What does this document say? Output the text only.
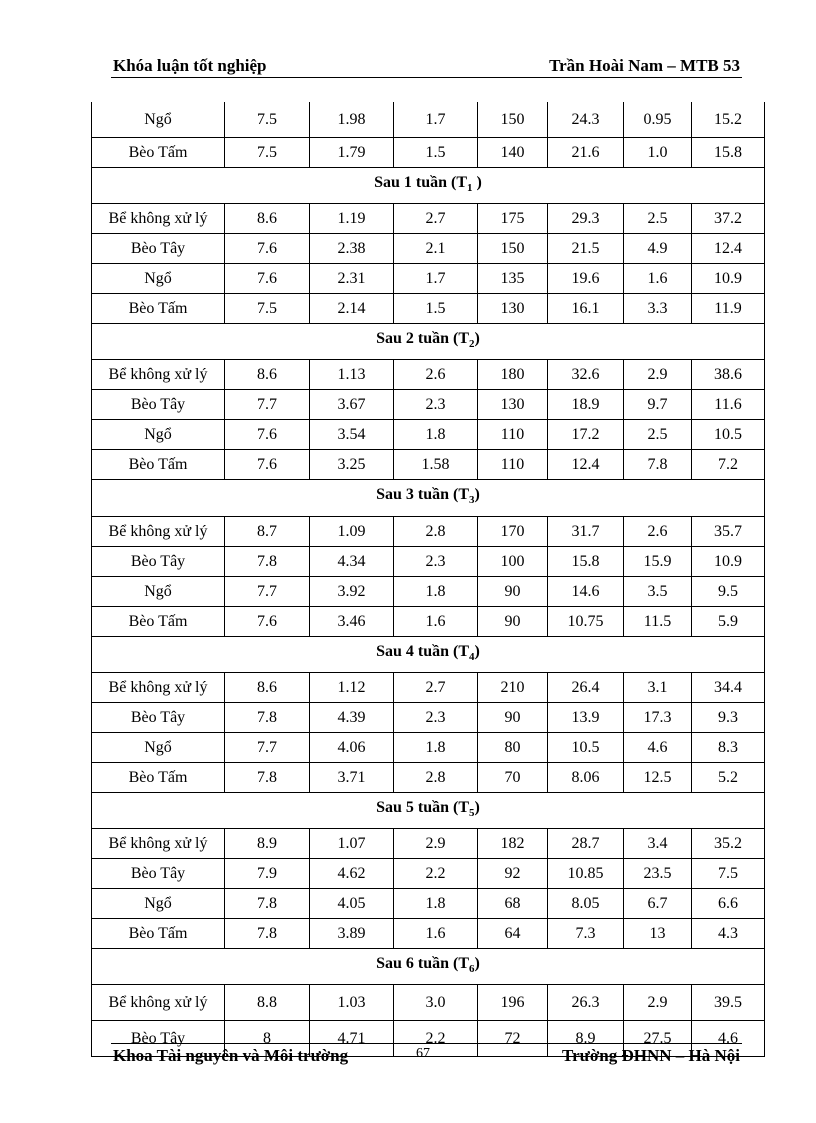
Khóa luận tốt nghiệp	Trần Hoài Nam – MTB 53
Ngổ	7.5	1.98	1.7	150	24.3	0.95	15.2
Bèo Tấm	7.5	1.79	1.5	140	21.6	1.0	15.8
Sau 1 tuần ($T_1$ )							
Bể không xử lý	8.6	1.19	2.7	175	29.3	2.5	37.2
Bèo Tây	7.6	2.38	2.1	150	21.5	4.9	12.4
Ngổ	7.6	2.31	1.7	135	19.6	1.6	10.9
Bèo Tấm	7.5	2.14	1.5	130	16.1	3.3	11.9
Sau 2 tuần $(T_2)$							
Bể không xử lý	8.6	1.13	2.6	180	32.6	2.9	38.6
Bèo Tây	7.7	3.67	2.3	130	18.9	9.7	11.6
Ngổ	7.6	3.54	1.8	110	17.2	2.5	10.5
Bèo Tấm	7.6	3.25	1.58	110	12.4	7.8	7.2
Sau 3 tuần $(T_3)$							
Bể không xử lý	8.7	1.09	2.8	170	31.7	2.6	35.7
Bèo Tây	7.8	4.34	2.3	100	15.8	15.9	10.9
Ngổ	7.7	3.92	1.8	90	14.6	3.5	9.5
Bèo Tấm	7.6	3.46	1.6	90	10.75	11.5	5.9
Sau 4 tuần $(T_4)$							
Bể không xử lý	8.6	1.12	2.7	210	26.4	3.1	34.4
Bèo Tây	7.8	4.39	2.3	90	13.9	17.3	9.3
Ngổ	7.7	4.06	1.8	80	10.5	4.6	8.3
Bèo Tấm	7.8	3.71	2.8	70	8.06	12.5	5.2
Sau 5 tuần $(T_5)$							
Bể không xử lý	8.9	1.07	2.9	182	28.7	3.4	35.2
Bèo Tây	7.9	4.62	2.2	92	10.85	23.5	7.5
Ngổ	7.8	4.05	1.8	68	8.05	6.7	6.6
Bèo Tấm	7.8	3.89	1.6	64	7.3	13	4.3
Sau 6 tuần $(T_6)$							
Bể không xử lý	8.8	1.03	3.0	196	26.3	2.9	39.5
Bèo Tây	8	4.71	2.2	72	8.9	27.5	4.6
Khoa Tài nguyên và Môi trường	Trường ĐHNN – Hà Nội
67
